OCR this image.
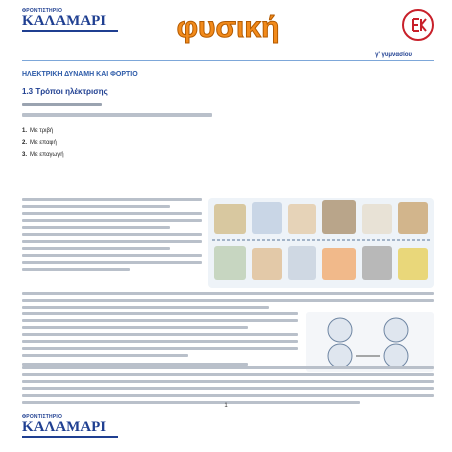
ΦΡΟΝΤΙΣΤΗΡΙΟ
ΚΑΛΑΜΑΡΙ	φυσική
γ' γυμνασίου
ΗΛΕΚΤΡΙΚΗ ΔΥΝΑΜΗ ΚΑΙ ΦΟΡΤΙΟ
1.3 Τρόποι ηλέκτρισης
1. Με τριβή
2. Με επαφή
3. Με επαγωγή
1
ΦΡΟΝΤΙΣΤΗΡΙΟ
ΚΑΛΑΜΑΡΙ
